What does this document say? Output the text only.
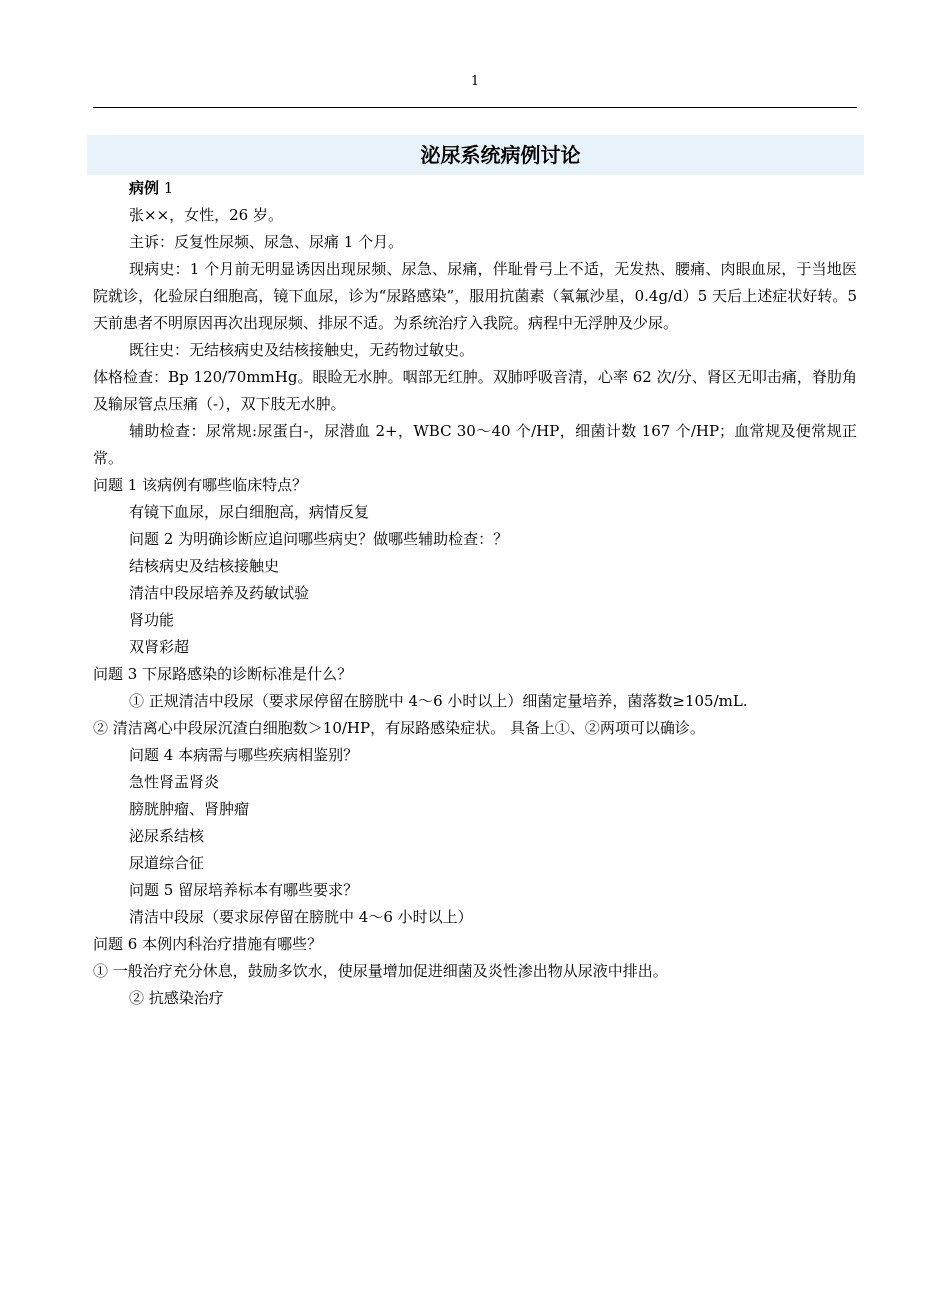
1
泌尿系统病例讨论

病例 1

张××，女性，26 岁。

主诉：反复性尿频、尿急、尿痛 1 个月。

现病史：1 个月前无明显诱因出现尿频、尿急、尿痛，伴耻骨弓上不适，无发热、腰痛、肉眼血尿，于当地医院就诊，化验尿白细胞高，镜下血尿，诊为“尿路感染”，服用抗菌素（氧氟沙星，0.4g/d）5 天后上述症状好转。5 天前患者不明原因再次出现尿频、排尿不适。为系统治疗入我院。病程中无浮肿及少尿。

既往史：无结核病史及结核接触史，无药物过敏史。

体格检查：Bp 120/70mmHg。眼睑无水肿。咽部无红肿。双肺呼吸音清，心率 62 次/分、肾区无叩击痛，脊肋角及输尿管点压痛（-），双下肢无水肿。

辅助检查：尿常规:尿蛋白-，尿潜血 2+，WBC 30～40 个/HP，细菌计数 167 个/HP；血常规及便常规正常。

问题 1 该病例有哪些临床特点？

有镜下血尿，尿白细胞高，病情反复

问题 2 为明确诊断应追问哪些病史？做哪些辅助检查：？

结核病史及结核接触史

清洁中段尿培养及药敏试验

肾功能

双肾彩超

问题 3 下尿路感染的诊断标准是什么？

① 正规清洁中段尿（要求尿停留在膀胱中 4～6 小时以上）细菌定量培养，菌落数≥105/mL.

② 清洁离心中段尿沉渣白细胞数＞10/HP，有尿路感染症状。 具备上①、②两项可以确诊。

问题 4 本病需与哪些疾病相鉴别？

急性肾盂肾炎

膀胱肿瘤、肾肿瘤

泌尿系结核

尿道综合征

问题 5 留尿培养标本有哪些要求？

清洁中段尿（要求尿停留在膀胱中 4～6 小时以上）

问题 6 本例内科治疗措施有哪些？

① 一般治疗充分休息，鼓励多饮水，使尿量增加促进细菌及炎性渗出物从尿液中排出。

② 抗感染治疗
